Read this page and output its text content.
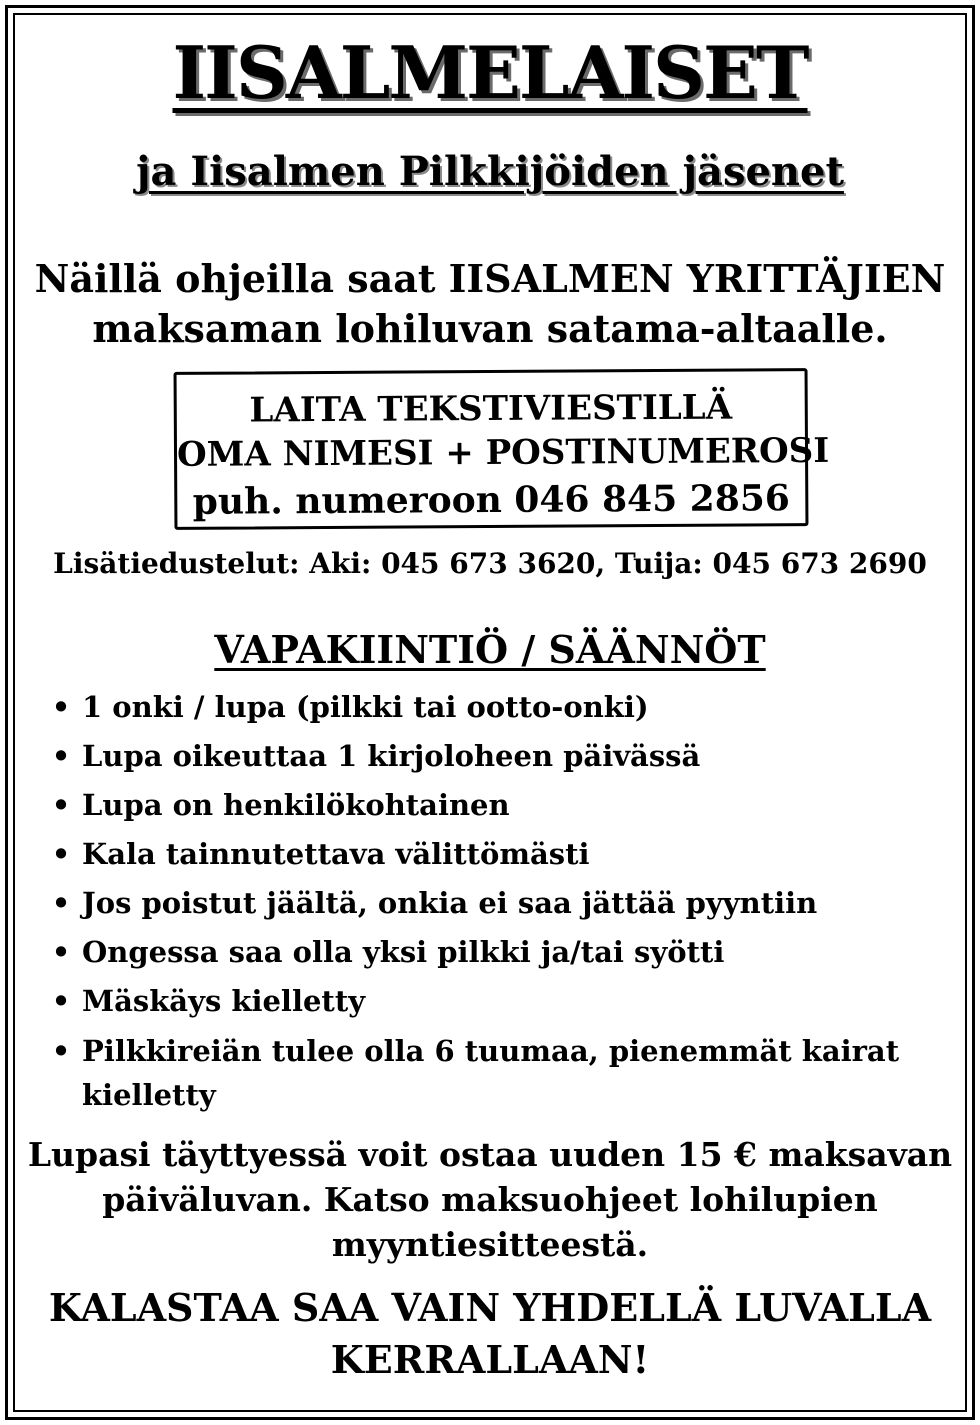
IISALMELAISET
ja Iisalmen Pilkkijöiden jäsenet
Näillä ohjeilla saat IISALMEN YRITTÄJIEN
maksaman lohiluvan satama-altaalle.
LAITA TEKSTIVIESTILLÄ
OMA NIMESI + POSTINUMEROSI
puh. numeroon 046 845 2856
Lisätiedustelut: Aki: 045 673 3620, Tuija: 045 673 2690
VAPAKIINTIÖ / SÄÄNNÖT
• 1 onki / lupa (pilkki tai ootto-onki)
• Lupa oikeuttaa 1 kirjoloheen päivässä
• Lupa on henkilökohtainen
• Kala tainnutettava välittömästi
• Jos poistut jäältä, onkia ei saa jättää pyyntiin
• Ongessa saa olla yksi pilkki ja/tai syötti
• Mäskäys kielletty
• Pilkkireiän tulee olla 6 tuumaa, pienemmät kairat kielletty
Lupasi täyttyessä voit ostaa uuden 15 € maksavan
päiväluvan. Katso maksuohjeet lohilupien
myyntiesitteestä.
KALASTAA SAA VAIN YHDELLÄ LUVALLA
KERRALLAAN!
